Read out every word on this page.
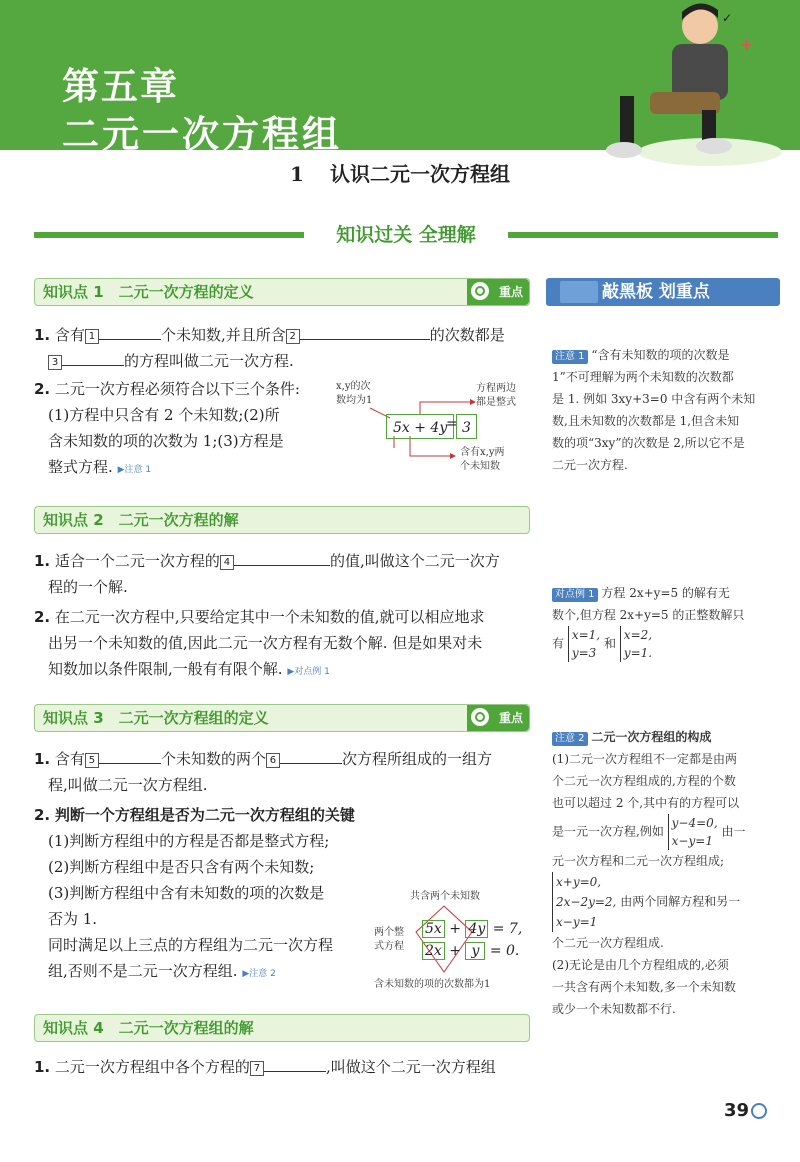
第五章
二元一次方程组
+
✓
1 认识二元一次方程组
知识过关 全理解
知识点 1　二元一次方程的定义	重点
1. 含有 1	个未知数,并且所含 2	的次数都是
3	的方程叫做二元一次方程.
2. 二元一次方程必须符合以下三个条件:
(1)方程中只含有 2 个未知数;(2)所
含未知数的项的次数为 1;(3)方程是
整式方程. ▶注意 1
x,y的次
数均为1
方程两边
都是整式
5x + 4y
= 3
含有x,y两
个未知数
知识点 2　二元一次方程的解
1. 适合一个二元一次方程的 4	的值,叫做这个二元一次方
程的一个解.
2. 在二元一次方程中,只要给定其中一个未知数的值,就可以相应地求
出另一个未知数的值,因此二元一次方程有无数个解. 但是如果对未
知数加以条件限制,一般有有限个解. ▶对点例 1
知识点 3　二元一次方程组的定义	重点
1. 含有 5	个未知数的两个 6	次方程所组成的一组方
程,叫做二元一次方程组.
2. 判断一个方程组是否为二元一次方程组的关键
(1)判断方程组中的方程是否都是整式方程;
(2)判断方程组中是否只含有两个未知数;
(3)判断方程组中含有未知数的项的次数是
否为 1.
同时满足以上三点的方程组为二元一次方程
组,否则不是二元一次方程组. ▶注意 2
共含两个未知数
两个整
式方程
5x + 4y = 7,
2x + y = 0.
含未知数的项的次数都为1
知识点 4　二元一次方程组的解
1. 二元一次方程组中各个方程的 7	,叫做这个二元一次方程组
敲黑板 划重点
注意 1 “含有未知数的项的次数是
1”不可理解为两个未知数的次数都
是 1. 例如 3xy+3=0 中含有两个未知
数,且未知数的次数都是 1,但含未知
数的项“3xy”的次数是 2,所以它不是
二元一次方程.
对点例 1 方程 2x+y=5 的解有无
数个,但方程 2x+y=5 的正整数解只
有 x=1,
y=3 和 x=2,
y=1.
注意 2 二元一次方程组的构成
(1)二元一次方程组不一定都是由两
个二元一次方程组成的,方程的个数
也可以超过 2 个,其中有的方程可以
是一元一次方程,例如 y−4=0,
x−y=1 由一
元一次方程和二元一次方程组成;
x+y=0,
2x−2y=2,
x−y=1 由两个同解方程和另一
个二元一次方程组成.
(2)无论是由几个方程组成的,必须
一共含有两个未知数,多一个未知数
或少一个未知数都不行.
39
